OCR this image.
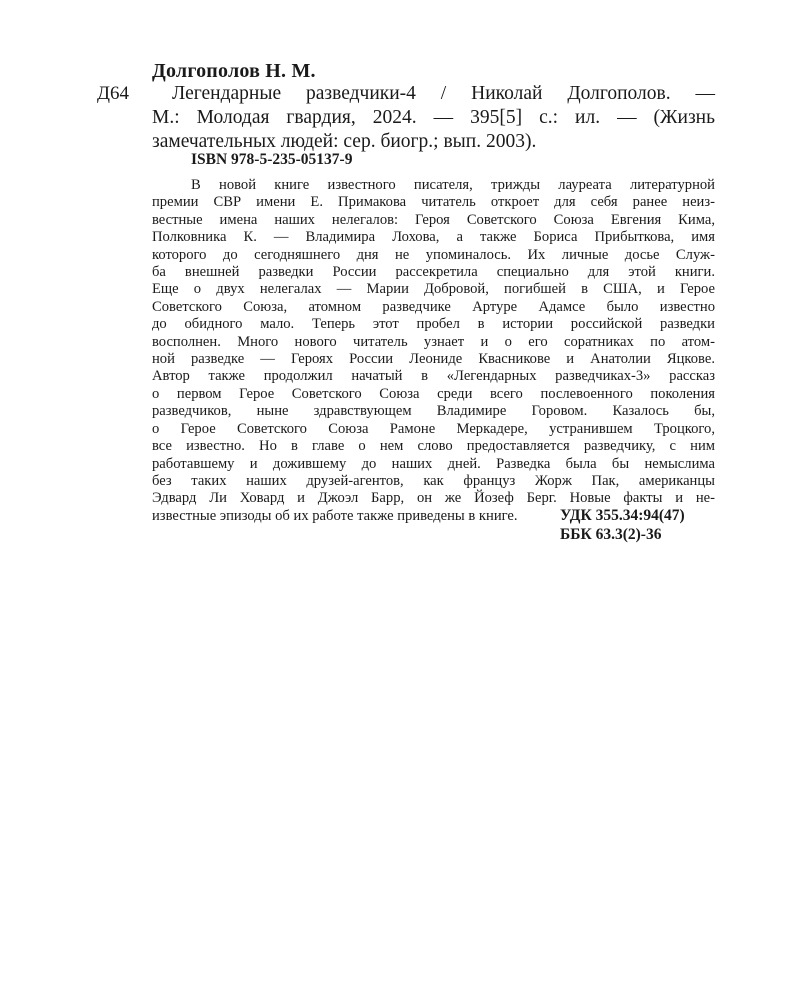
Долгополов Н. М.
Д64	Легендарные разведчики-4 / Николай Долгополов. —
М.: Молодая гвардия, 2024. — 395[5] с.: ил. — (Жизнь
замечательных людей: сер. биогр.; вып. 2003).
ISBN 978-5-235-05137-9
В новой книге известного писателя, трижды лауреата литературной
премии СВР имени Е. Примакова читатель откроет для себя ранее неиз-
вестные имена наших нелегалов: Героя Советского Союза Евгения Кима,
Полковника К. — Владимира Лохова, а также Бориса Прибыткова, имя
которого до сегодняшнего дня не упоминалось. Их личные досье Служ-
ба внешней разведки России рассекретила специально для этой книги.
Еще о двух нелегалах — Марии Добровой, погибшей в США, и Герое
Советского Союза, атомном разведчике Артуре Адамсе было известно
до обидного мало. Теперь этот пробел в истории российской разведки
восполнен. Много нового читатель узнает и о его соратниках по атом-
ной разведке — Героях России Леониде Квасникове и Анатолии Яцкове.
Автор также продолжил начатый в «Легендарных разведчиках-3» рассказ
о первом Герое Советского Союза среди всего послевоенного поколения
разведчиков, ныне здравствующем Владимире Горовом. Казалось бы,
о Герое Советского Союза Рамоне Меркадере, устранившем Троцкого,
все известно. Но в главе о нем слово предоставляется разведчику, с ним
работавшему и дожившему до наших дней. Разведка была бы немыслима
без таких наших друзей-агентов, как француз Жорж Пак, американцы
Эдвард Ли Ховард и Джоэл Барр, он же Йозеф Берг. Новые факты и не-
известные эпизоды об их работе также приведены в книге.	УДК 355.34:94(47)
ББК 63.3(2)-36
